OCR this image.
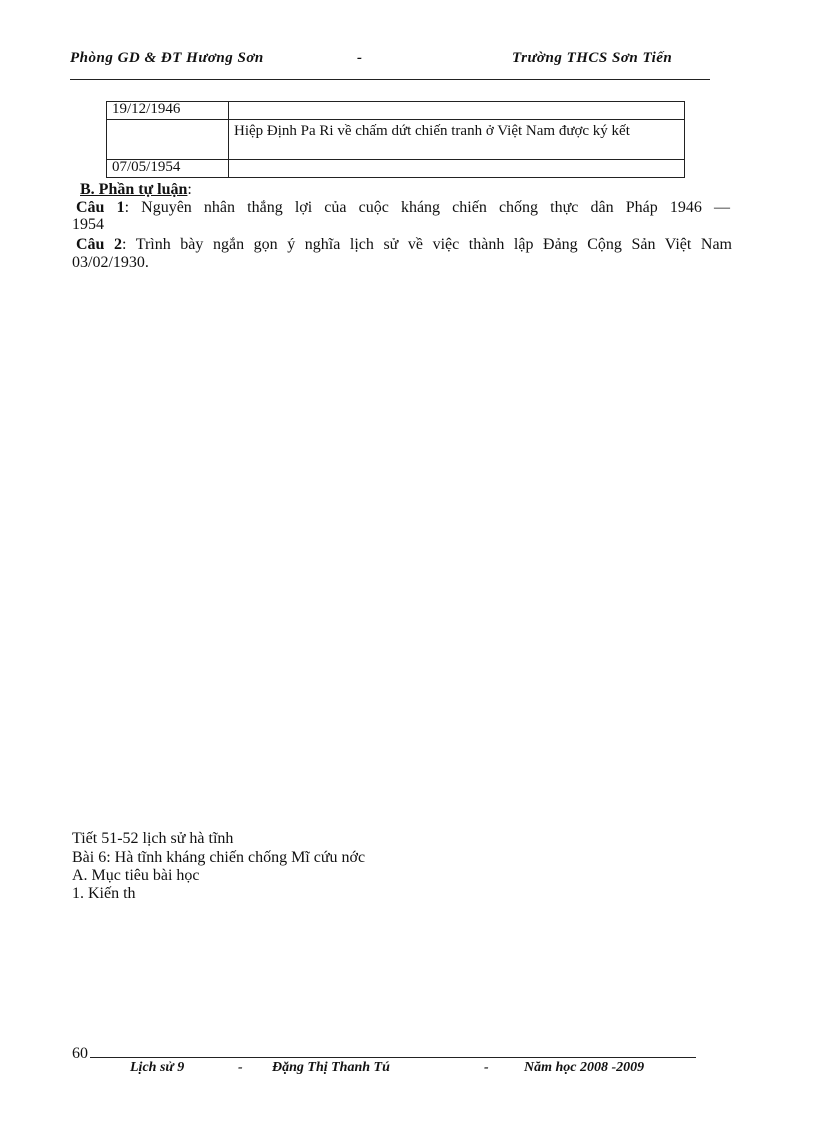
Phòng GD & ĐT Hương Sơn	-	Trường THCS Sơn Tiến
19/12/1946	
	Hiệp Định Pa Ri về chấm dứt chiến tranh ở Việt Nam được ký kết
07/05/1954	
B. Phần tự luận:
Câu 1: Nguyên nhân thắng lợi của cuộc kháng chiến chống thực dân Pháp 1946 —
1954
Câu 2: Trình bày ngắn gọn ý nghĩa lịch sử về việc thành lập Đảng Cộng Sản Việt Nam
03/02/1930.
Tiết 51-52 lịch sử hà tĩnh
Bài 6: Hà tĩnh kháng chiến chống Mĩ cứu nớc
A. Mục tiêu bài học
1. Kiến th
60
Lịch sử 9	- Đặng Thị Thanh Tú	-	Năm học 2008 -2009
